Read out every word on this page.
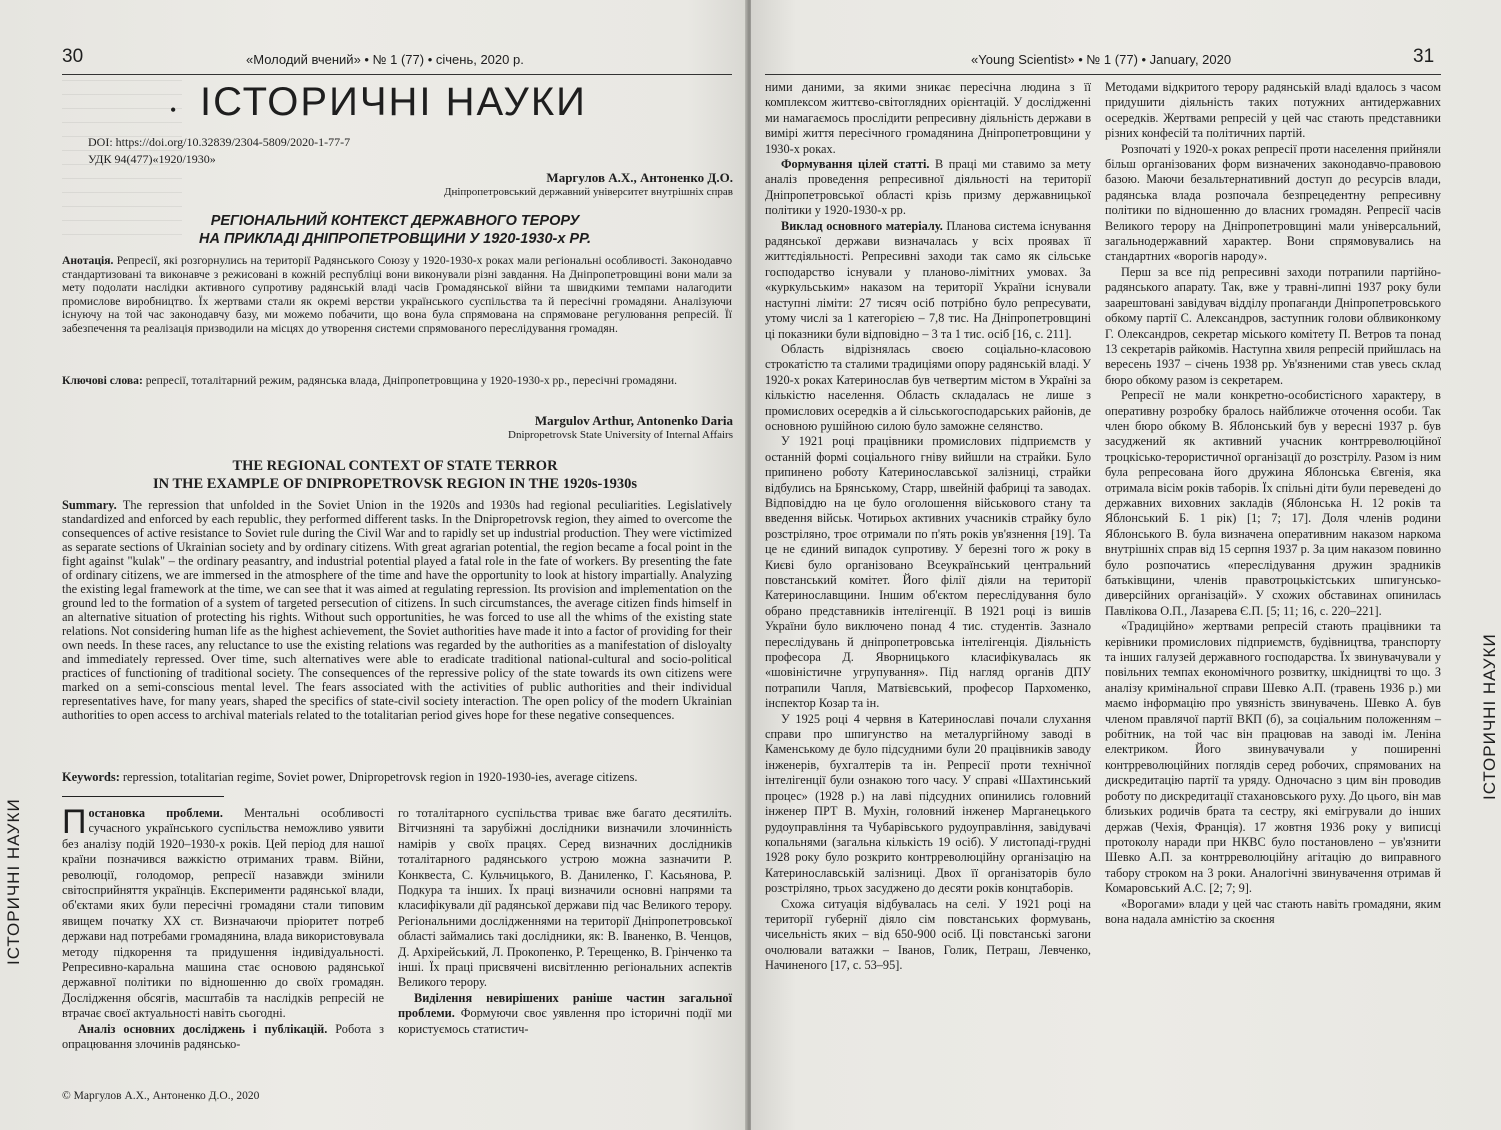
30	«Молодий вчений» • № 1 (77) • січень, 2020 р.
• ІСТОРИЧНІ НАУКИ
DOI: https://doi.org/10.32839/2304-5809/2020-1-77-7
УДК 94(477)«1920/1930»
Маргулов А.Х., Антоненко Д.О.
Дніпропетровський державний університет внутрішніх справ
РЕГІОНАЛЬНИЙ КОНТЕКСТ ДЕРЖАВНОГО ТЕРОРУ
НА ПРИКЛАДІ ДНІПРОПЕТРОВЩИНИ У 1920-1930-х РР.
Анотація. Репресії, які розгорнулись на території Радянського Союзу у 1920-1930-х роках мали регіональні особливості. Законодавчо стандартизовані та виконавче з режисовані в кожній республіці вони виконували різні завдання. На Дніпропетровщині вони мали за мету подолати наслідки активного супротиву радянській владі часів Громадянської війни та швидкими темпами налагодити промислове виробництво. Їх жертвами стали як окремі верстви українського суспільства та й пересічні громадяни. Аналізуючи існуючу на той час законодавчу базу, ми можемо побачити, що вона була спрямована на спрямоване регулювання репресій. Її забезпечення та реалізація призводили на місцях до утворення системи спрямованого переслідування громадян.
Ключові слова: репресії, тоталітарний режим, радянська влада, Дніпропетровщина у 1920-1930-х рр., пересічні громадяни.
Margulov Arthur, Antonenko Daria
Dnipropetrovsk State University of Internal Affairs
THE REGIONAL CONTEXT OF STATE TERROR
IN THE EXAMPLE OF DNIPROPETROVSK REGION IN THE 1920s-1930s
Summary. The repression that unfolded in the Soviet Union in the 1920s and 1930s had regional peculiarities. Legislatively standardized and enforced by each republic, they performed different tasks. In the Dnipropetrovsk region, they aimed to overcome the consequences of active resistance to Soviet rule during the Civil War and to rapidly set up industrial production. They were victimized as separate sections of Ukrainian society and by ordinary citizens. With great agrarian potential, the region became a focal point in the fight against "kulak" – the ordinary peasantry, and industrial potential played a fatal role in the fate of workers. By presenting the fate of ordinary citizens, we are immersed in the atmosphere of the time and have the opportunity to look at history impartially. Analyzing the existing legal framework at the time, we can see that it was aimed at regulating repression. Its provision and implementation on the ground led to the formation of a system of targeted persecution of citizens. In such circumstances, the average citizen finds himself in an alternative situation of protecting his rights. Without such opportunities, he was forced to use all the whims of the existing state relations. Not considering human life as the highest achievement, the Soviet authorities have made it into a factor of providing for their own needs. In these races, any reluctance to use the existing relations was regarded by the authorities as a manifestation of disloyalty and immediately repressed. Over time, such alternatives were able to eradicate traditional national-cultural and socio-political practices of functioning of traditional society. The consequences of the repressive policy of the state towards its own citizens were marked on a semi-conscious mental level. The fears associated with the activities of public authorities and their individual representatives have, for many years, shaped the specifics of state-civil society interaction. The open policy of the modern Ukrainian authorities to open access to archival materials related to the totalitarian period gives hope for these negative consequences.
Keywords: repression, totalitarian regime, Soviet power, Dnipropetrovsk region in 1920-1930-ies, average citizens.

Постановка проблеми. Ментальні особливості сучасного українського суспільства неможливо уявити без аналізу подій 1920–1930-х років. Цей період для нашої країни позначився важкістю отриманих травм. Війни, революції, голодомор, репресії назавжди змінили світосприйняття українців. Експерименти радянської влади, об'єктами яких були пересічні громадяни стали типовим явищем початку ХХ ст. Визначаючи пріоритет потреб держави над потребами громадянина, влада використовувала методу підкорення та придушення індивідуальності. Репресивно-каральна машина стає основою радянської державної політики по відношенню до своїх громадян. Дослідження обсягів, масштабів та наслідків репресій не втрачає своєї актуальності навіть сьогодні.

Аналіз основних досліджень і публікацій. Робота з опрацювання злочинів радянсько-

го тоталітарного суспільства триває вже багато десятиліть. Вітчизняні та зарубіжні дослідники визначили злочинність намірів у своїх працях. Серед визначних дослідників тоталітарного радянського устрою можна зазначити Р. Конквеста, С. Кульчицького, В. Даниленко, Г. Касьянова, Р. Подкура та інших. Їх праці визначили основні напрями та класифікували дії радянської держави під час Великого терору. Регіональними дослідженнями на території Дніпропетровської області займались такі дослідники, як: В. Іваненко, В. Ченцов, Д. Архірейський, Л. Прокопенко, Р. Терещенко, В. Грінченко та інші. Їх праці присвячені висвітленню регіональних аспектів Великого терору.

Виділення невирішених раніше частин загальної проблеми. Формуючи своє уявлення про історичні події ми користуємось статистич-

ІСТОРИЧНІ НАУКИ
© Маргулов А.Х., Антоненко Д.О., 2020
«Young Scientist» • № 1 (77) • January, 2020	31

ними даними, за якими зникає пересічна людина з її комплексом життєво-світоглядних орієнтацій. У дослідженні ми намагаємось прослідити репресивну діяльність держави в вимірі життя пересічного громадянина Дніпропетровщини у 1930-х роках.

Формування цілей статті. В праці ми ставимо за мету аналіз проведення репресивної діяльності на території Дніпропетровської області крізь призму державницької політики у 1920-1930-х рр.

Виклад основного матеріалу. Планова система існування радянської держави визначалась у всіх проявах її життєдіяльності. Репресивні заходи так само як сільське господарство існували у планово-лімітних умовах. За «куркульським» наказом на території України існували наступні ліміти: 27 тисяч осіб потрібно було репресувати, утому числі за 1 категорією – 7,8 тис. На Дніпропетровщині ці показники були відповідно – 3 та 1 тис. осіб [16, с. 211].

Область відрізнялась своєю соціально-класовою строкатістю та сталими традиціями опору радянській владі. У 1920-х роках Катеринослав був четвертим містом в Україні за кількістю населення. Область складалась не лише з промислових осередків а й сільськогосподарських районів, де основною рушійною силою було заможне селянство.

У 1921 році працівники промислових підприємств у останній формі соціального гніву вийшли на страйки. Було припинено роботу Катеринославської залізниці, страйки відбулись на Брянському, Старр, швейній фабриці та заводах. Відповіддю на це було оголошення військового стану та введення військ. Чотирьох активних учасників страйку було розстріляно, троє отримали по п'ять років ув'язнення [19]. Та це не єдиний випадок супротиву. У березні того ж року в Києві було організовано Всеукраїнський центральний повстанський комітет. Його філії діяли на території Катеринославщини. Іншим об'єктом переслідування було обрано представників інтелігенції. В 1921 році із вишів України було виключено понад 4 тис. студентів. Зазнало переслідувань й дніпропетровська інтелігенція. Діяльність професора Д. Яворницького класифікувалась як «шовіністичне угрупування». Під нагляд органів ДПУ потрапили Чапля, Матвієвський, професор Пархоменко, інспектор Козар та ін.

У 1925 році 4 червня в Катеринославі почали слухання справи про шпигунство на металургійному заводі в Каменському де було підсудними були 20 працівників заводу інженерів, бухгалтерів та ін. Репресії проти технічної інтелігенції були ознакою того часу. У справі «Шахтинський процес» (1928 р.) на лаві підсудних опинились головний інженер ПРТ В. Мухін, головний інженер Марганецького рудоуправління та Чубарівського рудоуправління, завідувачі копальнями (загальна кількість 19 осіб). У листопаді-грудні 1928 року було розкрито контрреволюційну організацію на Катеринославській залізниці. Двох її організаторів було розстріляно, трьох засуджено до десяти років концтаборів.

Схожа ситуація відбувалась на селі. У 1921 році на території губернії діяло сім повстанських формувань, чисельність яких – від 650-900 осіб. Ці повстанські загони очолювали ватажки – Іванов, Голик, Петраш, Левченко, Начиненого [17, с. 53–95].

Методами відкритого терору радянській владі вдалось з часом придушити діяльність таких потужних антидержавних осередків. Жертвами репресій у цей час стають представники різних конфесій та політичних партій.

Розпочаті у 1920-х роках репресії проти населення прийняли більш організованих форм визначених законодавчо-правовою базою. Маючи безальтернативний доступ до ресурсів влади, радянська влада розпочала безпрецедентну репресивну політики по відношенню до власних громадян. Репресії часів Великого терору на Дніпропетровщині мали універсальний, загальнодержавний характер. Вони спрямовувались на стандартних «ворогів народу».

Перш за все під репресивні заходи потрапили партійно-радянського апарату. Так, вже у травні-липні 1937 року були заарештовані завідувач відділу пропаганди Дніпропетровського обкому партії С. Александров, заступник голови облвиконкому Г. Олександров, секретар міського комітету П. Ветров та понад 13 секретарів райкомів. Наступна хвиля репресій прийшлась на вересень 1937 – січень 1938 рр. Ув'язненими став увесь склад бюро обкому разом із секретарем.

Репресії не мали конкретно-особистісного характеру, в оперативну розробку бралось найближче оточення особи. Так член бюро обкому В. Яблонський був у вересні 1937 р. був засуджений як активний учасник контрреволюційної троцкісько-терористичної організації до розстрілу. Разом із ним була репресована його дружина Яблонська Євгенія, яка отримала вісім років таборів. Їх спільні діти були переведені до державних виховних закладів (Яблонська Н. 12 років та Яблонський Б. 1 рік) [1; 7; 17]. Доля членів родини Яблонського В. була визначена оперативним наказом наркома внутрішніх справ від 15 серпня 1937 р. За цим наказом повинно було розпочатись «переслідування дружин зрадників батьківщини, членів правотроцькістських шпигунсько-диверсійних організацій». У схожих обставинах опинилась Павлікова О.П., Лазарева Є.П. [5; 11; 16, с. 220–221].

«Традиційно» жертвами репресій стають працівники та керівники промислових підприємств, будівництва, транспорту та інших галузей державного господарства. Їх звинувачували у повільних темпах економічного розвитку, шкідництві то що. З аналізу кримінальної справи Шевко А.П. (травень 1936 р.) ми маємо інформацію про увязність звинувачень. Шевко А. був членом правлячої партії ВКП (б), за соціальним положенням – робітник, на той час він працював на заводі ім. Леніна електриком. Його звинувачували у поширенні контрреволюційних поглядів серед робочих, спрямованих на дискредитацію партії та уряду. Одночасно з цим він проводив роботу по дискредитації стахановського руху. До цього, він мав близьких родичів брата та сестру, які емігрували до інших держав (Чехія, Франція). 17 жовтня 1936 року у виписці протоколу наради при НКВС було постановлено – ув'язнити Шевко А.П. за контрреволюційну агітацію до виправного табору строком на 3 роки. Аналогічні звинувачення отримав й Комаровський А.С. [2; 7; 9].

«Ворогами» влади у цей час стають навіть громадяни, яким вона надала амністію за скоєння

ІСТОРИЧНІ НАУКИ
